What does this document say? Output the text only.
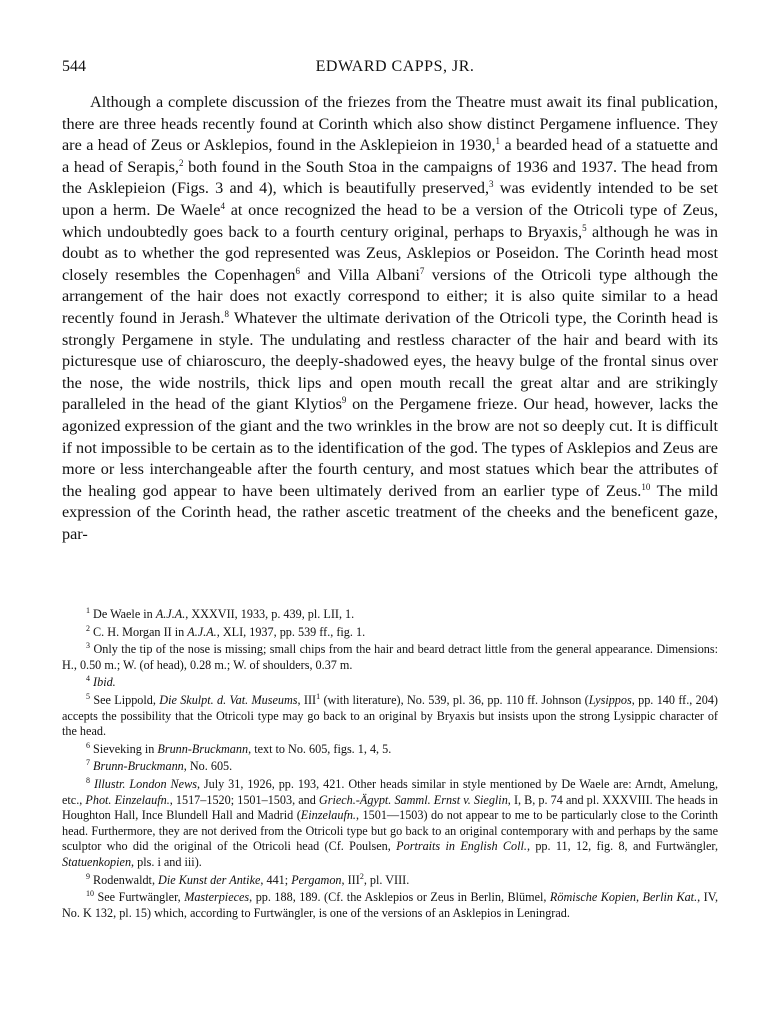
544	EDWARD CAPPS, JR.

Although a complete discussion of the friezes from the Theatre must await its final publication, there are three heads recently found at Corinth which also show distinct Pergamene influence. They are a head of Zeus or Asklepios, found in the Asklepieion in 1930,$^1$ a bearded head of a statuette and a head of Serapis,$^2$ both found in the South Stoa in the campaigns of 1936 and 1937. The head from the Asklepieion (Figs. 3 and 4), which is beautifully preserved,$^3$ was evidently intended to be set upon a herm. De Waele$^4$ at once recognized the head to be a version of the Otricoli type of Zeus, which undoubtedly goes back to a fourth century original, perhaps to Bryaxis,$^5$ although he was in doubt as to whether the god represented was Zeus, Asklepios or Poseidon. The Corinth head most closely resembles the Copenhagen$^6$ and Villa Albani$^7$ versions of the Otricoli type although the arrangement of the hair does not exactly correspond to either; it is also quite similar to a head recently found in Jerash.$^8$ Whatever the ultimate derivation of the Otricoli type, the Corinth head is strongly Pergamene in style. The undulating and restless character of the hair and beard with its picturesque use of chiaroscuro, the deeply-shadowed eyes, the heavy bulge of the frontal sinus over the nose, the wide nostrils, thick lips and open mouth recall the great altar and are strikingly paralleled in the head of the giant Klytios$^9$ on the Pergamene frieze. Our head, however, lacks the agonized expression of the giant and the two wrinkles in the brow are not so deeply cut. It is difficult if not impossible to be certain as to the identification of the god. The types of Asklepios and Zeus are more or less interchangeable after the fourth century, and most statues which bear the attributes of the healing god appear to have been ultimately derived from an earlier type of Zeus.$^{10}$ The mild expression of the Corinth head, the rather ascetic treatment of the cheeks and the beneficent gaze, par-

$^1$ De Waele in A.J.A., XXXVII, 1933, p. 439, pl. LII, 1.

$^2$ C. H. Morgan II in A.J.A., XLI, 1937, pp. 539 ff., fig. 1.

$^3$ Only the tip of the nose is missing; small chips from the hair and beard detract little from the general appearance. Dimensions: H., 0.50 m.; W. (of head), 0.28 m.; W. of shoulders, 0.37 m.

$^4$ Ibid.

$^5$ See Lippold, Die Skulpt. d. Vat. Museums, III$^1$ (with literature), No. 539, pl. 36, pp. 110 ff. Johnson (Lysippos, pp. 140 ff., 204) accepts the possibility that the Otricoli type may go back to an original by Bryaxis but insists upon the strong Lysippic character of the head.

$^6$ Sieveking in Brunn-Bruckmann, text to No. 605, figs. 1, 4, 5.

$^7$ Brunn-Bruckmann, No. 605.

$^8$ Illustr. London News, July 31, 1926, pp. 193, 421. Other heads similar in style mentioned by De Waele are: Arndt, Amelung, etc., Phot. Einzelaufn., 1517–1520; 1501–1503, and Griech.-Ägypt. Samml. Ernst v. Sieglin, I, B, p. 74 and pl. XXXVIII. The heads in Houghton Hall, Ince Blundell Hall and Madrid (Einzelaufn., 1501—1503) do not appear to me to be particularly close to the Corinth head. Furthermore, they are not derived from the Otricoli type but go back to an original contemporary with and perhaps by the same sculptor who did the original of the Otricoli head (Cf. Poulsen, Portraits in English Coll., pp. 11, 12, fig. 8, and Furtwängler, Statuenkopien, pls. i and iii).

$^9$ Rodenwaldt, Die Kunst der Antike, 441; Pergamon, III$^2$, pl. VIII.

$^{10}$ See Furtwängler, Masterpieces, pp. 188, 189. (Cf. the Asklepios or Zeus in Berlin, Blümel, Römische Kopien, Berlin Kat., IV, No. K 132, pl. 15) which, according to Furtwängler, is one of the versions of an Asklepios in Leningrad.
